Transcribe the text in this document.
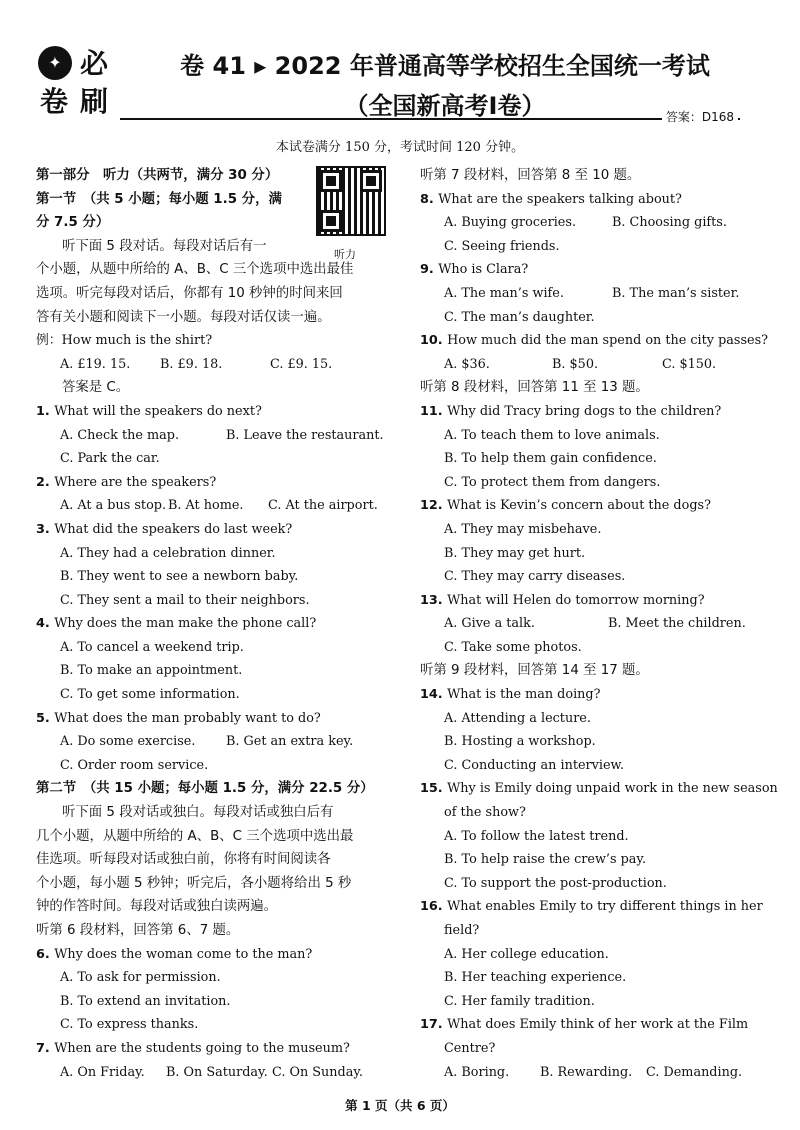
✦ 必
卷 刷
卷 41 ▸ 2022 年普通高等学校招生全国统一考试
（全国新高考Ⅰ卷）	答案：D168
本试卷满分 150 分，考试时间 120 分钟。
听力
第一部分　听力（共两节，满分 30 分）
第一节　（共 5 小题；每小题 1.5 分，满
分 7.5 分）
听下面 5 段对话。每段对话后有一
个小题，从题中所给的 A、B、C 三个选项中选出最佳
选项。听完每段对话后，你都有 10 秒钟的时间来回
答有关小题和阅读下一小题。每段对话仅读一遍。
例：How much is the shirt?
A. £19. 15.	B. £9. 18.	C. £9. 15.
答案是 C。
1. What will the speakers do next?
A. Check the map.	B. Leave the restaurant.
C. Park the car.
2. Where are the speakers?
A. At a bus stop. B. At home.	C. At the airport.
3. What did the speakers do last week?
A. They had a celebration dinner.
B. They went to see a newborn baby.
C. They sent a mail to their neighbors.
4. Why does the man make the phone call?
A. To cancel a weekend trip.
B. To make an appointment.
C. To get some information.
5. What does the man probably want to do?
A. Do some exercise.	B. Get an extra key.
C. Order room service.
第二节　（共 15 小题；每小题 1.5 分，满分 22.5 分）
听下面 5 段对话或独白。每段对话或独白后有
几个小题，从题中所给的 A、B、C 三个选项中选出最
佳选项。听每段对话或独白前，你将有时间阅读各
个小题，每小题 5 秒钟；听完后，各小题将给出 5 秒
钟的作答时间。每段对话或独白读两遍。
听第 6 段材料，回答第 6、7 题。
6. Why does the woman come to the man?
A. To ask for permission.
B. To extend an invitation.
C. To express thanks.
7. When are the students going to the museum?
A. On Friday.	B. On Saturday. C. On Sunday.
听第 7 段材料，回答第 8 至 10 题。
8. What are the speakers talking about?
A. Buying groceries.	B. Choosing gifts.
C. Seeing friends.
9. Who is Clara?
A. The man’s wife.	B. The man’s sister.
C. The man’s daughter.
10. How much did the man spend on the city passes?
A. $36.	B. $50.	C. $150.
听第 8 段材料，回答第 11 至 13 题。
11. Why did Tracy bring dogs to the children?
A. To teach them to love animals.
B. To help them gain confidence.
C. To protect them from dangers.
12. What is Kevin’s concern about the dogs?
A. They may misbehave.
B. They may get hurt.
C. They may carry diseases.
13. What will Helen do tomorrow morning?
A. Give a talk.	B. Meet the children.
C. Take some photos.
听第 9 段材料，回答第 14 至 17 题。
14. What is the man doing?
A. Attending a lecture.
B. Hosting a workshop.
C. Conducting an interview.
15. Why is Emily doing unpaid work in the new season
of the show?
A. To follow the latest trend.
B. To help raise the crew’s pay.
C. To support the post-production.
16. What enables Emily to try different things in her
field?
A. Her college education.
B. Her teaching experience.
C. Her family tradition.
17. What does Emily think of her work at the Film
Centre?
A. Boring.	B. Rewarding.	C. Demanding.
第 1 页（共 6 页）
